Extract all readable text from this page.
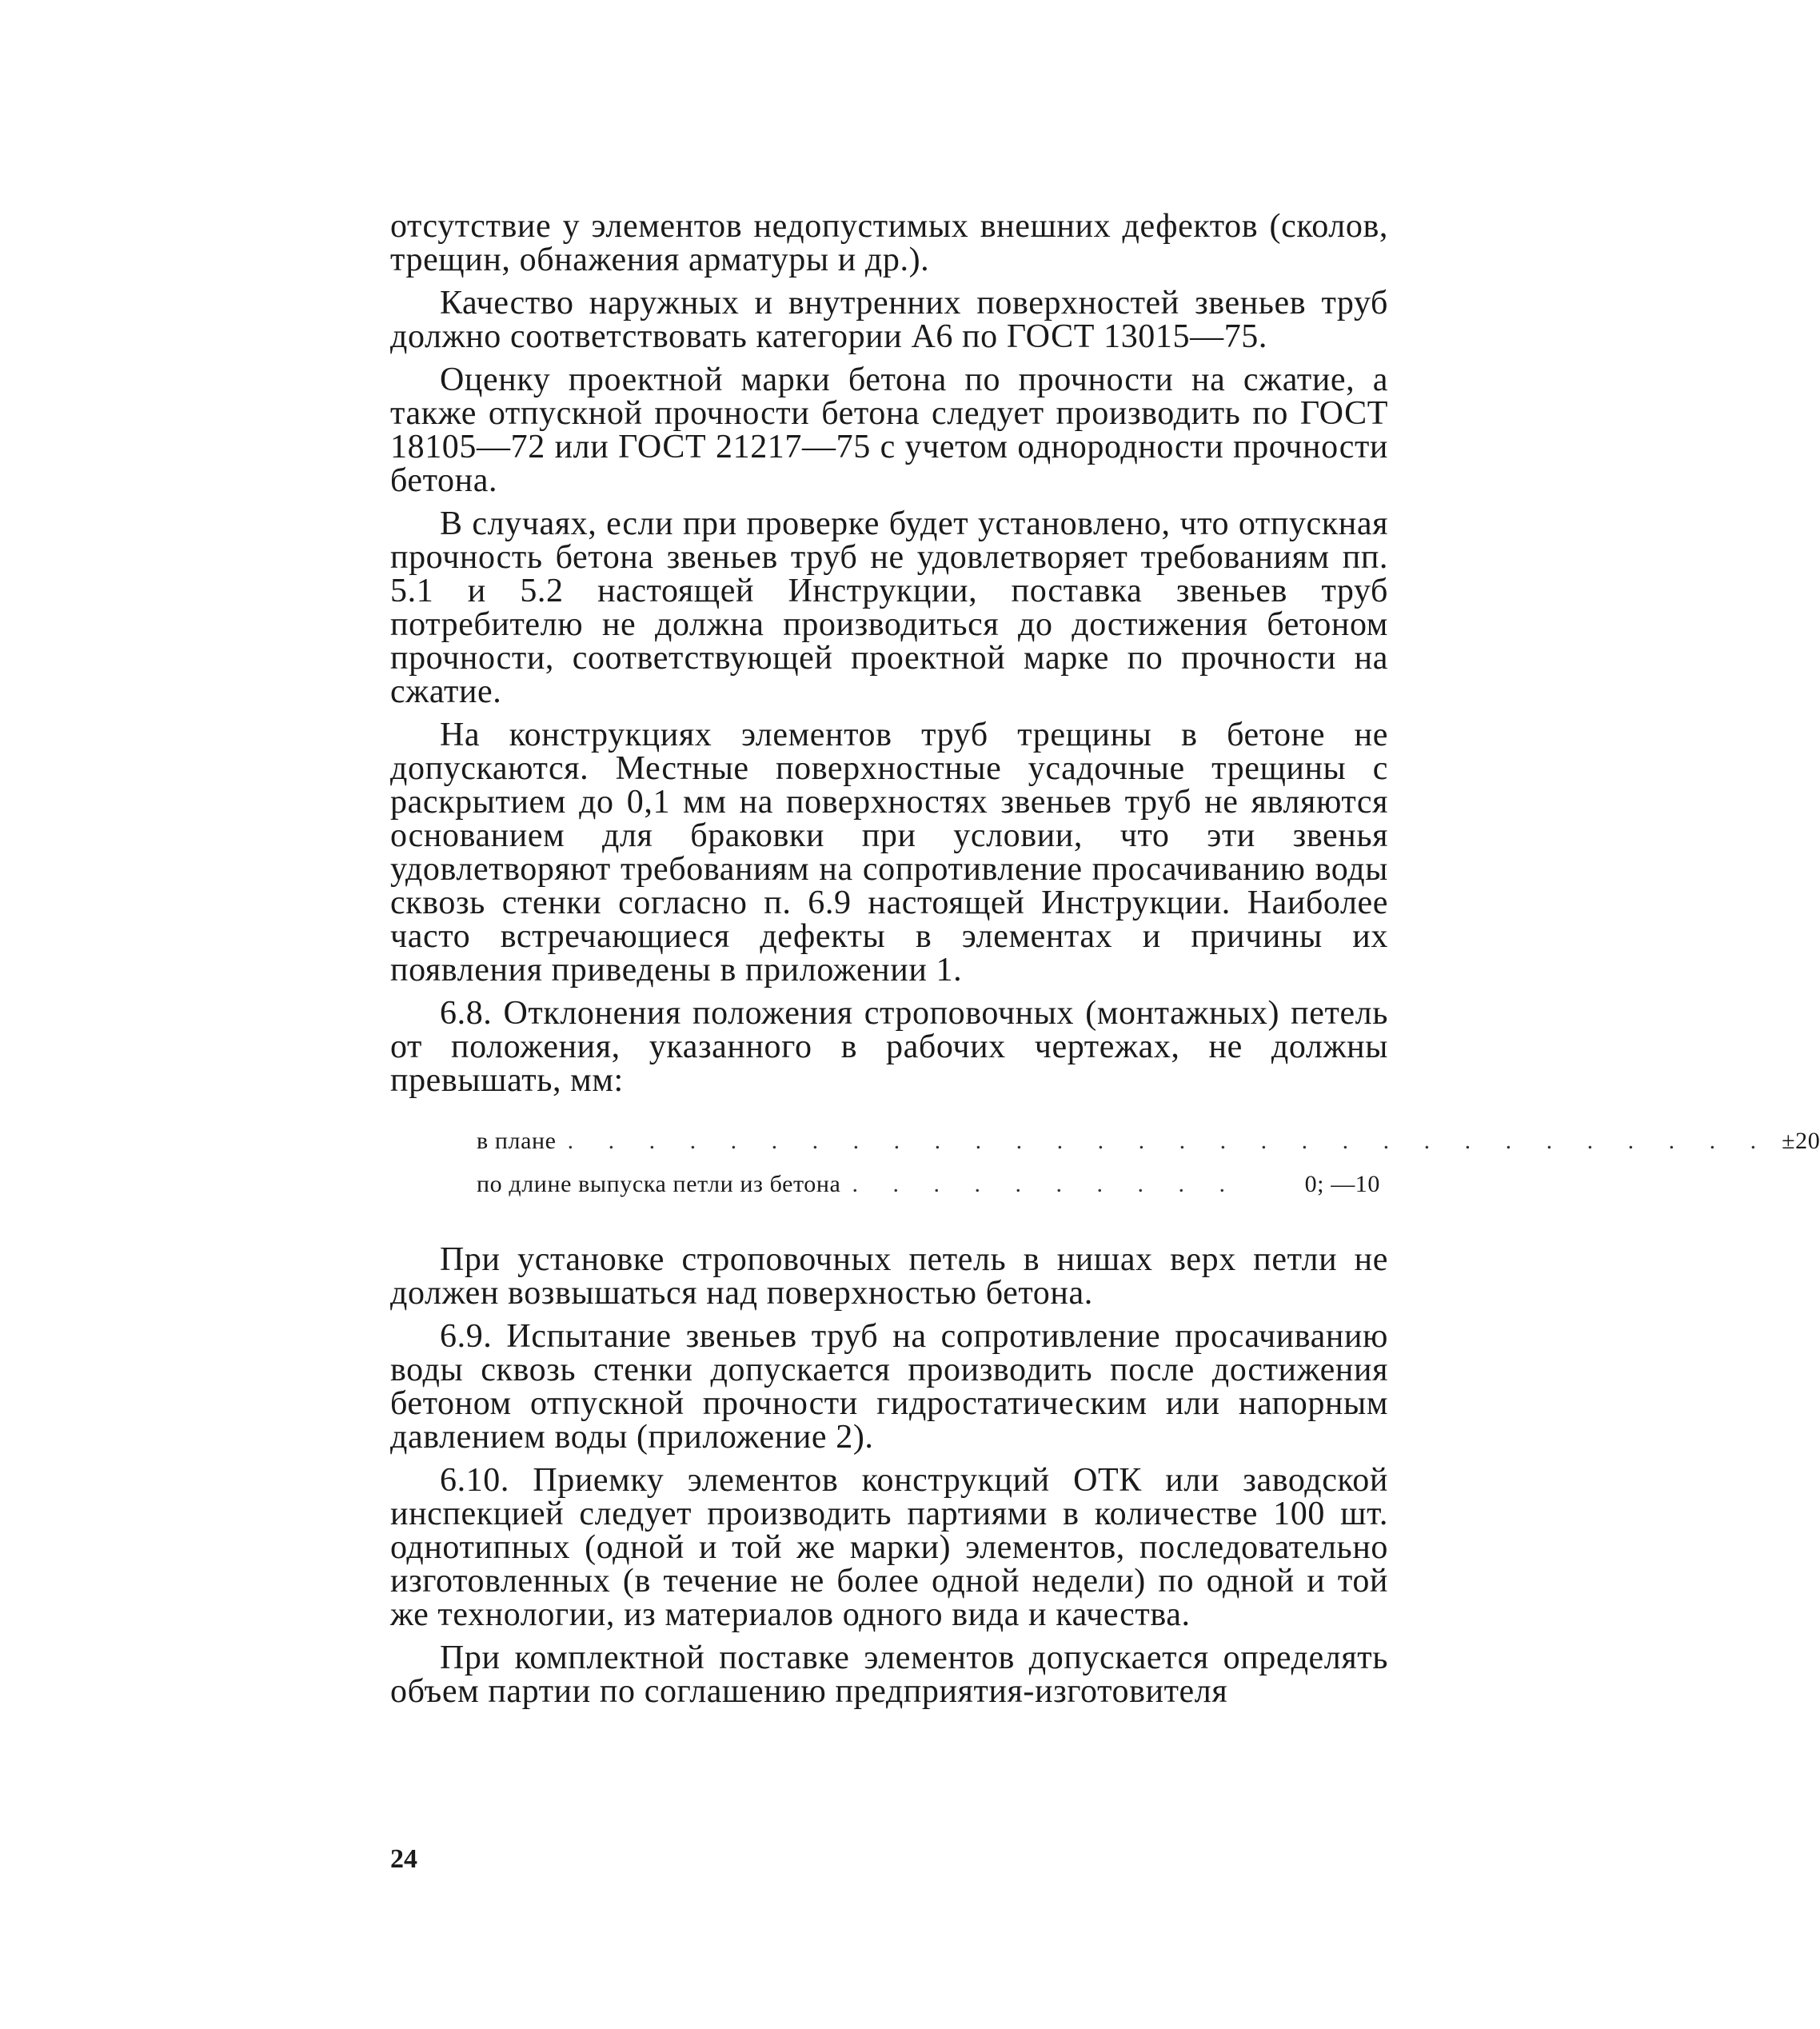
отсутствие у элементов недопустимых внешних дефектов (сколов, трещин, обнажения арматуры и др.).

Качество наружных и внутренних поверхностей звеньев труб должно соответствовать категории А6 по ГОСТ 13015—75.

Оценку проектной марки бетона по прочности на сжатие, а также отпускной прочности бетона следует производить по ГОСТ 18105—72 или ГОСТ 21217—75 с учетом однородности прочности бетона.

В случаях, если при проверке будет установлено, что отпускная прочность бетона звеньев труб не удовлетворяет требованиям пп. 5.1 и 5.2 настоящей Инструкции, поставка звеньев труб потребителю не должна производиться до достижения бетоном прочности, соответствующей проектной марке по прочности на сжатие.

На конструкциях элементов труб трещины в бетоне не допускаются. Местные поверхностные усадочные трещины с раскрытием до 0,1 мм на поверхностях звеньев труб не являются основанием для браковки при условии, что эти звенья удовлетворяют требованиям на сопротивление просачиванию воды сквозь стенки согласно п. 6.9 настоящей Инструкции. Наиболее часто встречающиеся дефекты в элементах и причины их появления приведены в приложении 1.

6.8. Отклонения положения строповочных (монтажных) петель от положения, указанного в рабочих чертежах, не должны превышать, мм:

в плане . . . . . . . . . . . . . . . . . . . . . . . . . . . . . . ±20
по длине выпуска петли из бетона . . . . . . . . . .	0; —10

При установке строповочных петель в нишах верх петли не должен возвышаться над поверхностью бетона.

6.9. Испытание звеньев труб на сопротивление просачиванию воды сквозь стенки допускается производить после достижения бетоном отпускной прочности гидростатическим или напорным давлением воды (приложение 2).

6.10. Приемку элементов конструкций ОТК или заводской инспекцией следует производить партиями в количестве 100 шт. однотипных (одной и той же марки) элементов, последовательно изготовленных (в течение не более одной недели) по одной и той же технологии, из материалов одного вида и качества.

При комплектной поставке элементов допускается определять объем партии по соглашению предприятия-изготовителя

24
